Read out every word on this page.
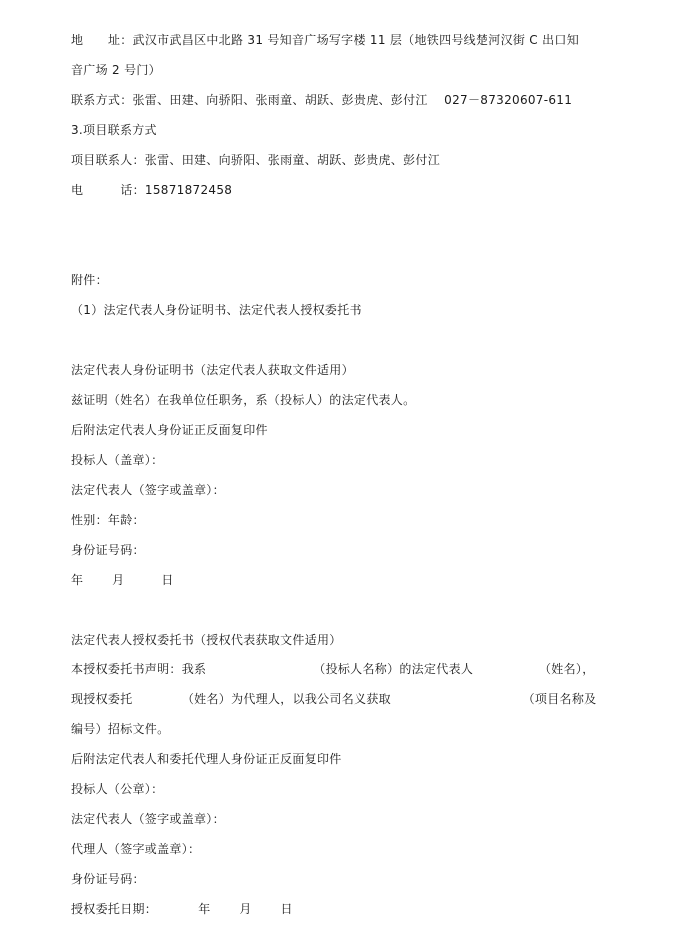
地      址：武汉市武昌区中北路 31 号知音广场写字楼 11 层（地铁四号线楚河汉街 C 出口知
音广场 2 号门）
联系方式：张雷、田建、向骄阳、张雨童、胡跃、彭贵虎、彭付江    027－87320607-611
3.项目联系方式
项目联系人：张雷、田建、向骄阳、张雨童、胡跃、彭贵虎、彭付江
电         话：15871872458
附件：
（1）法定代表人身份证明书、法定代表人授权委托书
法定代表人身份证明书（法定代表人获取文件适用）
兹证明（姓名）在我单位任职务，系（投标人）的法定代表人。
后附法定代表人身份证正反面复印件
投标人（盖章）：
法定代表人（签字或盖章）：
性别：年龄：
身份证号码：
年       月         日
法定代表人授权委托书（授权代表获取文件适用）
本授权委托书声明：我系                          （投标人名称）的法定代表人                （姓名），
现授权委托            （姓名）为代理人，以我公司名义获取                                （项目名称及
编号）招标文件。
后附法定代表人和委托代理人身份证正反面复印件
投标人（公章）：
法定代表人（签字或盖章）：
代理人（签字或盖章）：
身份证号码：
授权委托日期：          年       月       日
